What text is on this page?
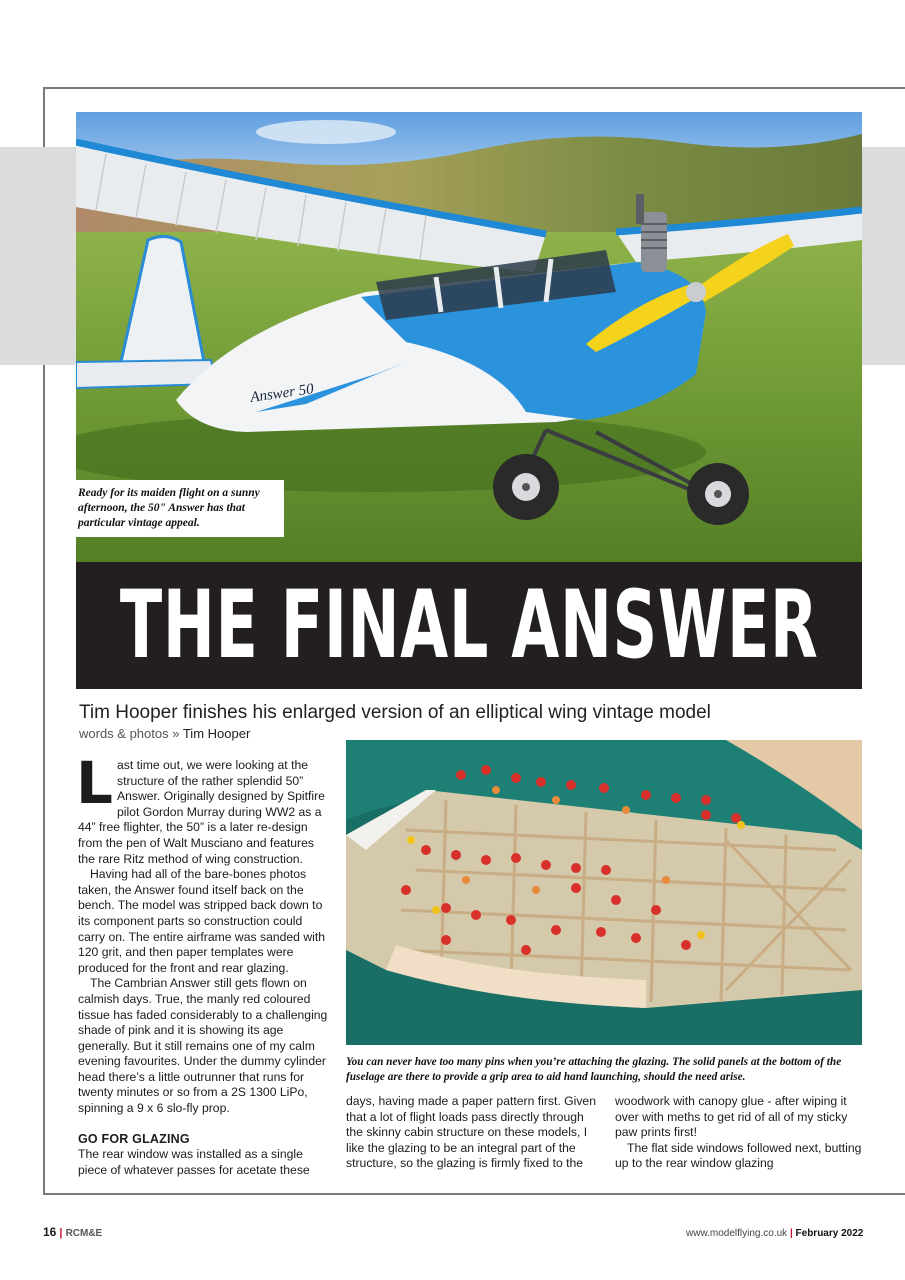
Answer 50
Ready for its maiden flight on a sunny afternoon, the 50" Answer has that particular vintage appeal.
THE FINAL ANSWER
Tim Hooper finishes his enlarged version of an elliptical wing vintage model
words & photos » Tim Hooper

Last time out, we were looking at the structure of the rather splendid 50” Answer. Originally designed by Spitfire pilot Gordon Murray during WW2 as a 44” free flighter, the 50” is a later re-design from the pen of Walt Musciano and features the rare Ritz method of wing construction.

Having had all of the bare-bones photos taken, the Answer found itself back on the bench. The model was stripped back down to its component parts so construction could carry on. The entire airframe was sanded with 120 grit, and then paper templates were produced for the front and rear glazing.

The Cambrian Answer still gets flown on calmish days. True, the manly red coloured tissue has faded considerably to a challenging shade of pink and it is showing its age generally. But it still remains one of my calm evening favourites. Under the dummy cylinder head there’s a little outrunner that runs for twenty minutes or so from a 2S 1300 LiPo, spinning a 9 x 6 slo-fly prop.

GO FOR GLAZING

The rear window was installed as a single piece of whatever passes for acetate these

You can never have too many pins when you’re attaching the glazing. The solid panels at the bottom of the fuselage are there to provide a grip area to aid hand launching, should the need arise.

days, having made a paper pattern first. Given that a lot of flight loads pass directly through the skinny cabin structure on these models, I like the glazing to be an integral part of the structure, so the glazing is firmly fixed to the

woodwork with canopy glue - after wiping it over with meths to get rid of all of my sticky paw prints first!

The flat side windows followed next, butting up to the rear window glazing

16 | RCM&E	www.modelflying.co.uk | February 2022
